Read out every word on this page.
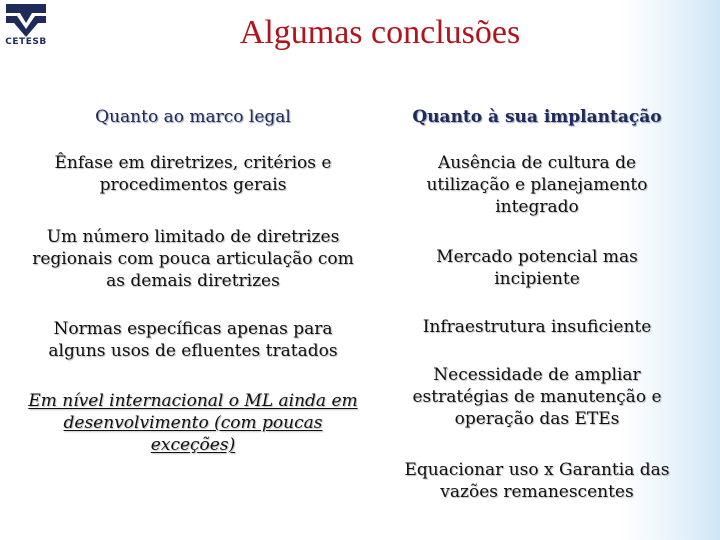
CETESB	Algumas conclusões
Quanto ao marco legal
Ênfase em diretrizes, critérios e procedimentos gerais
Um número limitado de diretrizes regionais com pouca articulação com as demais diretrizes
Normas específicas apenas para alguns usos de efluentes tratados
Em nível internacional o ML ainda em desenvolvimento (com poucas exceções)
Quanto à sua implantação
Ausência de cultura de utilização e planejamento integrado
Mercado potencial mas incipiente
Infraestrutura insuficiente
Necessidade de ampliar estratégias de manutenção e operação das ETEs
Equacionar uso x Garantia das vazões remanescentes
